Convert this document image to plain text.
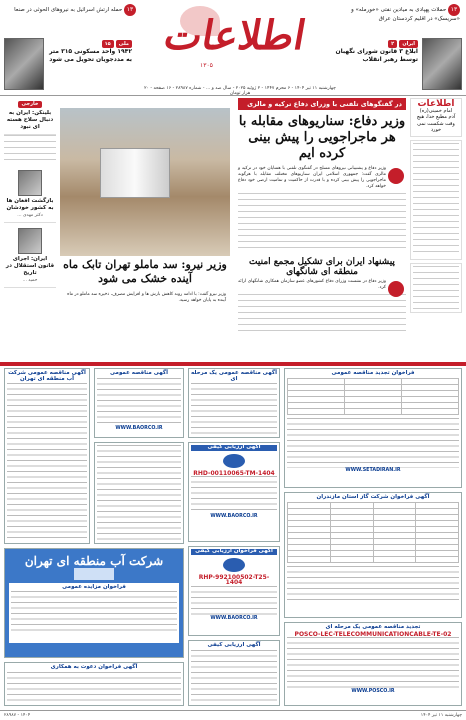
۱۳ حملات پهپادی به میادین نفتی «خورمله» و «سریسک» در اقلیم کردستان عراق
۱۳ حمله ارتش اسرائیل به نیروهای الحوثی در صنعا
اطلاعات
۱۳۰۵
ایران ۲
ابلاغ ۳ قانون شورای نگهبان توسط رهبر انقلاب
ملی ۱۵
۱۹۴۲ واحد مسکونی ۳۱۵ متر به مددجویان تحویل می شود
چهارشنبه ۱۱ تیر ۱۴۰۴ - ۶ محرم ۱۴۴۷ - ۲ ژوئیه ۲۰۲۵ - سال صد و ... - شماره ۲۸۹۸۷ - ۱۶ صفحه - ۲۰ هزار تومان
اطلاعات
امام خمینی(ره)
آدم مطیع خدا، هیچ وقت شکست نمی خورد
در گفتگوهای تلفنی با وزرای دفاع ترکیه و مالزی
وزیر دفاع: سناریوهای مقابله با هر ماجراجویی را پیش بینی کرده ایم
وزیر دفاع و پشتیبانی نیروهای مسلح در گفتگوی تلفنی با همتایان خود در ترکیه و مالزی گفت: جمهوری اسلامی ایران سناریوهای مختلف مقابله با هرگونه ماجراجویی را پیش بینی کرده و با قدرت از حاکمیت و تمامیت ارضی خود دفاع خواهد کرد.
پیشنهاد ایران برای تشکیل مجمع امنیت منطقه ای شانگهای
وزیر دفاع در نشست وزرای دفاع کشورهای عضو سازمان همکاری شانگهای ارائه کرد.
وزیر نیرو: سد ماملو تهران تابک ماه آینده خشک می شود
وزیر نیرو گفت: با ادامه روند کاهش بارش ها و افزایش مصرف، ذخیره سد ماملو در ماه آینده به پایان خواهد رسید.
خارجی
بلینکن: ایران به دنبال سلاح هسته ای نبود
بازگشت افغان ها به کشور خودشان
دکتر مهدی ...
ایران: اجرای قانون استقلال در تاریخ
حمید ...
فراخوان تجدید مناقصه عمومی

WWW.SETADIRAN.IR
آگهی مناقصه عمومی یک مرحله ای
آگهی ارزیابی کیفی
RHD-00110065-TM-1404
WWW.BAORCO.IR
آگهی فراخوان ارزیابی کیفی
RHP-992100502-T25-1404
WWW.BAORCO.IR
آگهی ارزیابی کیفی
آگهی مناقصه عمومی
WWW.BAORCO.IR
آگهی مناقصه عمومی شرکت آب منطقه ای تهران
آگهی فراخوان شرکت گاز استان مازندران

تجدید مناقصه عمومی یک مرحله ای
POSCO-LEC-TELECOMMUNICATIONCABLE-TE-02
WWW.POSCO.IR
شرکت آب منطقه ای تهران
فراخوان مزایده عمومی
آگهی فراخوان دعوت به همکاری
۱۴۰۴ - ۲۸۹۸۷	چهارشنبه ۱۱ تیر ۱۴۰۴
